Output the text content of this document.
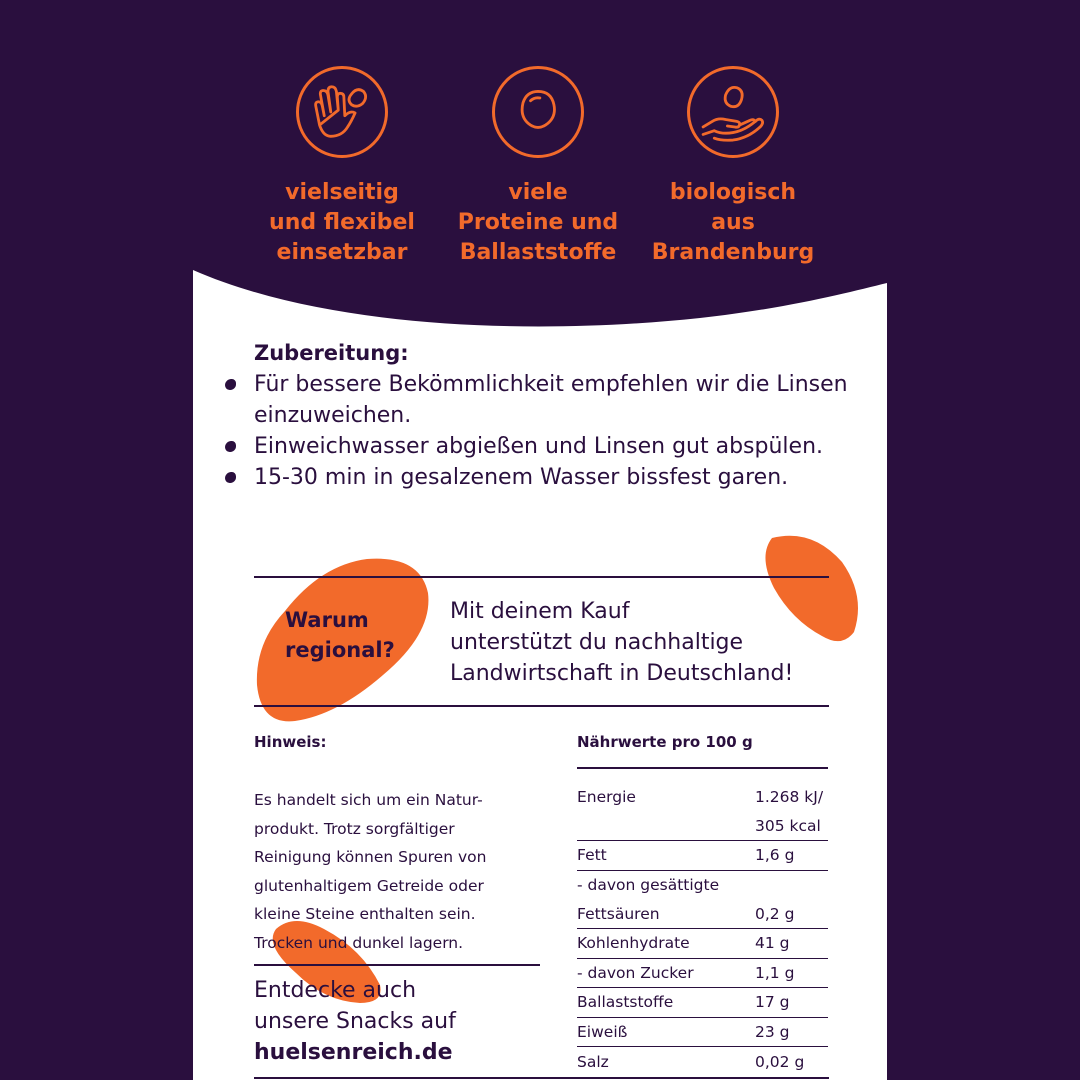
vielseitig
und flexibel
einsetzbar
viele
Proteine und
Ballaststoffe
biologisch
aus
Brandenburg
Zubereitung:
Für bessere Bekömmlichkeit empfehlen wir die Linsen einzuweichen.
Einweichwasser abgießen und Linsen gut abspülen.
15-30 min in gesalzenem Wasser bissfest garen.
Warum
regional?
Mit deinem Kauf
unterstützt du nachhaltige
Landwirtschaft in Deutschland!
Hinweis:
Es handelt sich um ein Natur-
produkt. Trotz sorgfältiger
Reinigung können Spuren von
glutenhaltigem Getreide oder
kleine Steine enthalten sein.
Trocken und dunkel lagern.
Entdecke auch
unsere Snacks auf
huelsenreich.de
Nährwerte pro 100 g
Energie	1.268 kJ/
	305 kcal
Fett	1,6 g
- davon gesättigte	
Fettsäuren	0,2 g
Kohlenhydrate	41 g
- davon Zucker	1,1 g
Ballaststoffe	17 g
Eiweiß	23 g
Salz	0,02 g
